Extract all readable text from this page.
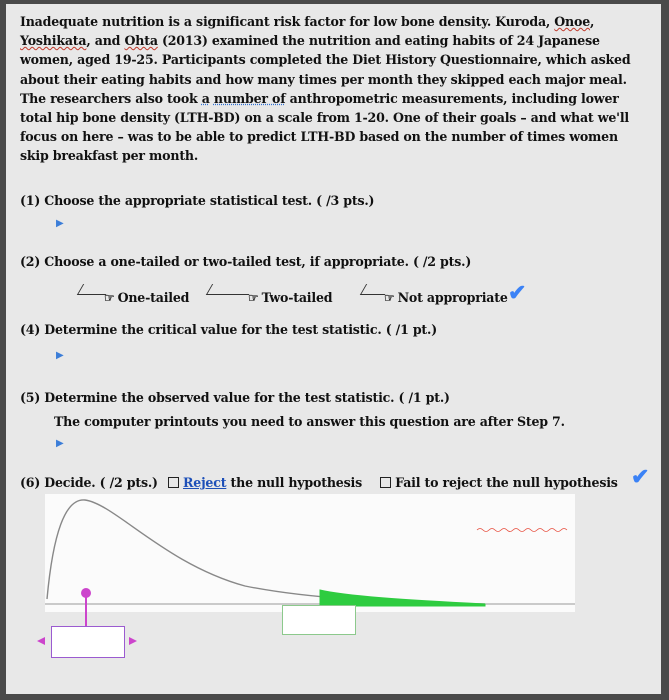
Inadequate nutrition is a significant risk factor for low bone density. Kuroda, Onoe, Yoshikata, and Ohta (2013) examined the nutrition and eating habits of 24 Japanese women, aged 19-25. Participants completed the Diet History Questionnaire, which asked about their eating habits and how many times per month they skipped each major meal. The researchers also took a number of anthropometric measurements, including lower total hip bone density (LTH-BD) on a scale from 1-20. One of their goals – and what we'll focus on here – was to be able to predict LTH-BD based on the number of times women skip breakfast per month.
(1) Choose the appropriate statistical test. ( /3 pts.)
▶
(2) Choose a one-tailed or two-tailed test, if appropriate. ( /2 pts.)
☞ One-tailed	☞ Two-tailed	☞ Not appropriate ✔
(4) Determine the critical value for the test statistic. ( /1 pt.)
▶
(5) Determine the observed value for the test statistic. ( /1 pt.)
The computer printouts you need to answer this question are after Step 7.
▶
(6) Decide. ( /2 pts.) Reject the null hypothesis	Fail to reject the null hypothesis ✔
